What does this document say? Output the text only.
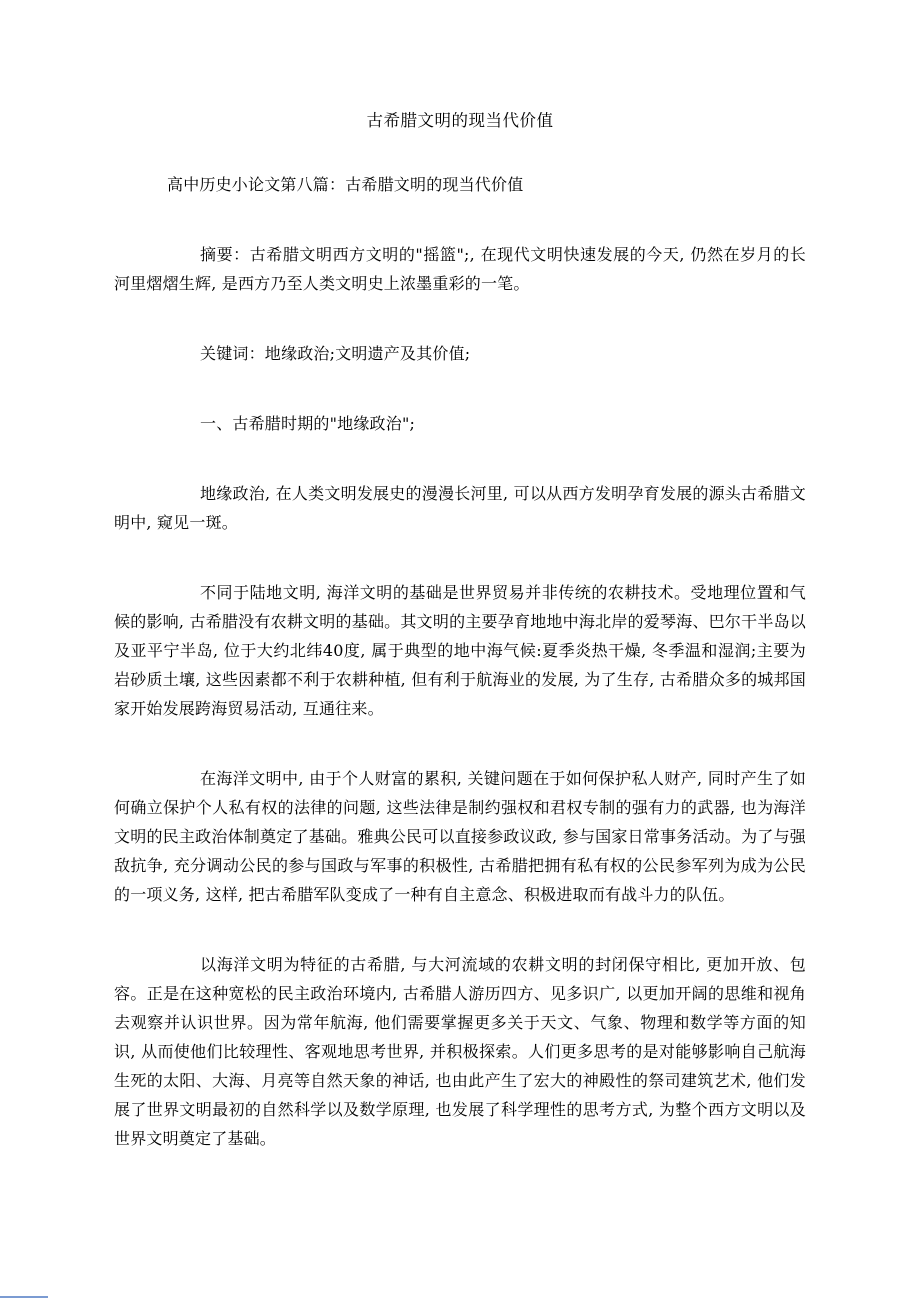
古希腊文明的现当代价值

高中历史小论文第八篇：古希腊文明的现当代价值

摘要：古希腊文明西方文明的"摇篮";, 在现代文明快速发展的今天, 仍然在岁月的长河里熠熠生辉, 是西方乃至人类文明史上浓墨重彩的一笔。

关键词：地缘政治;文明遗产及其价值;

一、古希腊时期的"地缘政治";

地缘政治, 在人类文明发展史的漫漫长河里, 可以从西方发明孕育发展的源头古希腊文明中, 窥见一斑。

不同于陆地文明, 海洋文明的基础是世界贸易并非传统的农耕技术。受地理位置和气候的影响, 古希腊没有农耕文明的基础。其文明的主要孕育地地中海北岸的爱琴海、巴尔干半岛以及亚平宁半岛, 位于大约北纬40度, 属于典型的地中海气候:夏季炎热干燥, 冬季温和湿润;主要为岩砂质土壤, 这些因素都不利于农耕种植, 但有利于航海业的发展, 为了生存, 古希腊众多的城邦国家开始发展跨海贸易活动, 互通往来。

在海洋文明中, 由于个人财富的累积, 关键问题在于如何保护私人财产, 同时产生了如何确立保护个人私有权的法律的问题, 这些法律是制约强权和君权专制的强有力的武器, 也为海洋文明的民主政治体制奠定了基础。雅典公民可以直接参政议政, 参与国家日常事务活动。为了与强敌抗争, 充分调动公民的参与国政与军事的积极性, 古希腊把拥有私有权的公民参军列为成为公民的一项义务, 这样, 把古希腊军队变成了一种有自主意念、积极进取而有战斗力的队伍。

以海洋文明为特征的古希腊, 与大河流域的农耕文明的封闭保守相比, 更加开放、包容。正是在这种宽松的民主政治环境内, 古希腊人游历四方、见多识广, 以更加开阔的思维和视角去观察并认识世界。因为常年航海, 他们需要掌握更多关于天文、气象、物理和数学等方面的知识, 从而使他们比较理性、客观地思考世界, 并积极探索。人们更多思考的是对能够影响自己航海生死的太阳、大海、月亮等自然天象的神话, 也由此产生了宏大的神殿性的祭司建筑艺术, 他们发展了世界文明最初的自然科学以及数学原理, 也发展了科学理性的思考方式, 为整个西方文明以及世界文明奠定了基础。
